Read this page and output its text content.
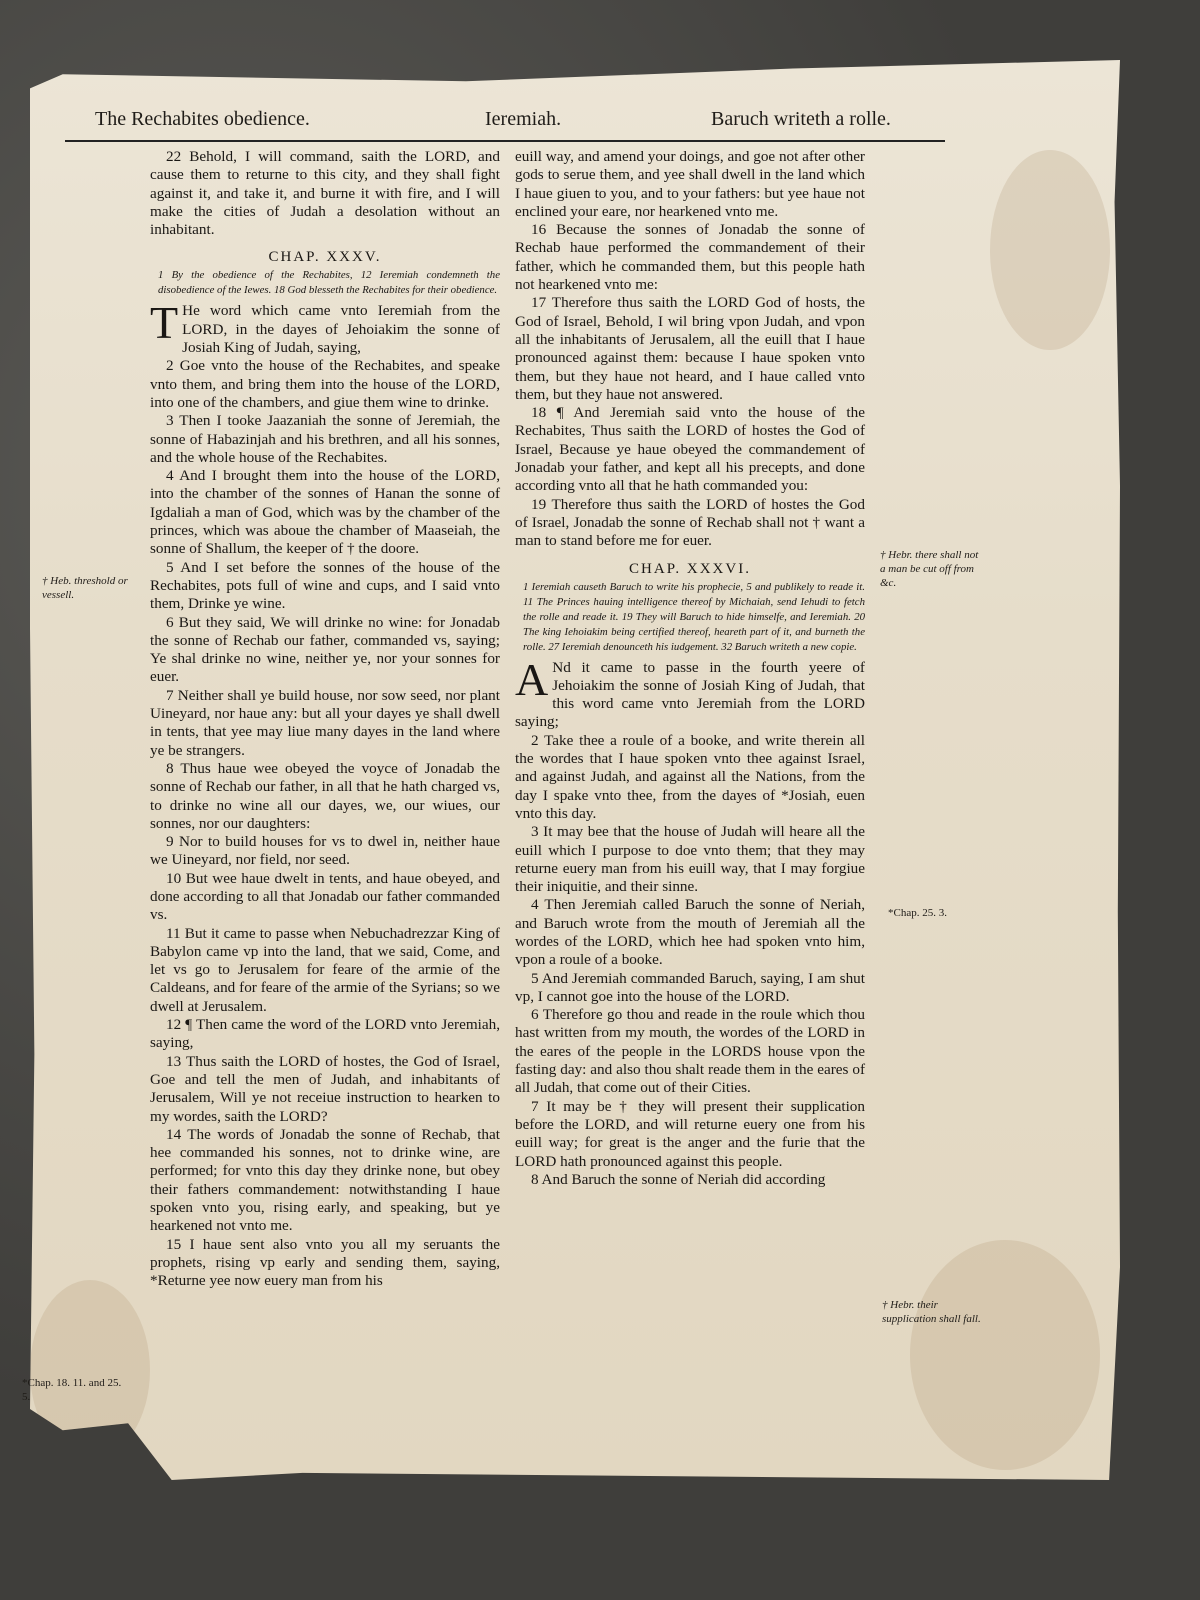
The Rechabites obedience.	Ieremiah.	Baruch writeth a rolle.

22 Behold, I will command, saith the LORD, and cause them to returne to this city, and they shall fight against it, and take it, and burne it with fire, and I will make the cities of Judah a desolation without an inhabitant.

CHAP. XXXV.

1 By the obedience of the Rechabites, 12 Ieremiah condemneth the disobedience of the Iewes. 18 God blesseth the Rechabites for their obedience.

T He word which came vnto Ieremiah from the LORD, in the dayes of Jehoiakim the sonne of Josiah King of Judah, saying,

2 Goe vnto the house of the Rechabites, and speake vnto them, and bring them into the house of the LORD, into one of the chambers, and giue them wine to drinke.

3 Then I tooke Jaazaniah the sonne of Jeremiah, the sonne of Habazinjah and his brethren, and all his sonnes, and the whole house of the Rechabites.

4 And I brought them into the house of the LORD, into the chamber of the sonnes of Hanan the sonne of Igdaliah a man of God, which was by the chamber of the princes, which was aboue the chamber of Maaseiah, the sonne of Shallum, the keeper of † the doore.

5 And I set before the sonnes of the house of the Rechabites, pots full of wine and cups, and I said vnto them, Drinke ye wine.

6 But they said, We will drinke no wine: for Jonadab the sonne of Rechab our father, commanded vs, saying; Ye shal drinke no wine, neither ye, nor your sonnes for euer.

7 Neither shall ye build house, nor sow seed, nor plant Uineyard, nor haue any: but all your dayes ye shall dwell in tents, that yee may liue many dayes in the land where ye be strangers.

8 Thus haue wee obeyed the voyce of Jonadab the sonne of Rechab our father, in all that he hath charged vs, to drinke no wine all our dayes, we, our wiues, our sonnes, nor our daughters:

9 Nor to build houses for vs to dwel in, neither haue we Uineyard, nor field, nor seed.

10 But wee haue dwelt in tents, and haue obeyed, and done according to all that Jonadab our father commanded vs.

11 But it came to passe when Nebuchadrezzar King of Babylon came vp into the land, that we said, Come, and let vs go to Jerusalem for feare of the armie of the Caldeans, and for feare of the armie of the Syrians; so we dwell at Jerusalem.

12 ¶ Then came the word of the LORD vnto Jeremiah, saying,

13 Thus saith the LORD of hostes, the God of Israel, Goe and tell the men of Judah, and inhabitants of Jerusalem, Will ye not receiue instruction to hearken to my wordes, saith the LORD?

14 The words of Jonadab the sonne of Rechab, that hee commanded his sonnes, not to drinke wine, are performed; for vnto this day they drinke none, but obey their fathers commandement: notwithstanding I haue spoken vnto you, rising early, and speaking, but ye hearkened not vnto me.

15 I haue sent also vnto you all my seruants the prophets, rising vp early and sending them, saying, *Returne yee now euery man from his

euill way, and amend your doings, and goe not after other gods to serue them, and yee shall dwell in the land which I haue giuen to you, and to your fathers: but yee haue not enclined your eare, nor hearkened vnto me.

16 Because the sonnes of Jonadab the sonne of Rechab haue performed the commandement of their father, which he commanded them, but this people hath not hearkened vnto me:

17 Therefore thus saith the LORD God of hosts, the God of Israel, Behold, I wil bring vpon Judah, and vpon all the inhabitants of Jerusalem, all the euill that I haue pronounced against them: because I haue spoken vnto them, but they haue not heard, and I haue called vnto them, but they haue not answered.

18 ¶ And Jeremiah said vnto the house of the Rechabites, Thus saith the LORD of hostes the God of Israel, Because ye haue obeyed the commandement of Jonadab your father, and kept all his precepts, and done according vnto all that he hath commanded you:

19 Therefore thus saith the LORD of hostes the God of Israel, Jonadab the sonne of Rechab shall not † want a man to stand before me for euer.

CHAP. XXXVI.

1 Ieremiah causeth Baruch to write his prophecie, 5 and publikely to reade it. 11 The Princes hauing intelligence thereof by Michaiah, send Iehudi to fetch the rolle and reade it. 19 They will Baruch to hide himselfe, and Ieremiah. 20 The king Iehoiakim being certified thereof, heareth part of it, and burneth the rolle. 27 Ieremiah denounceth his iudgement. 32 Baruch writeth a new copie.

A Nd it came to passe in the fourth yeere of Jehoiakim the sonne of Josiah King of Judah, that this word came vnto Jeremiah from the LORD saying;

2 Take thee a roule of a booke, and write therein all the wordes that I haue spoken vnto thee against Israel, and against Judah, and against all the Nations, from the day I spake vnto thee, from the dayes of *Josiah, euen vnto this day.

3 It may bee that the house of Judah will heare all the euill which I purpose to doe vnto them; that they may returne euery man from his euill way, that I may forgiue their iniquitie, and their sinne.

4 Then Jeremiah called Baruch the sonne of Neriah, and Baruch wrote from the mouth of Jeremiah all the wordes of the LORD, which hee had spoken vnto him, vpon a roule of a booke.

5 And Jeremiah commanded Baruch, saying, I am shut vp, I cannot goe into the house of the LORD.

6 Therefore go thou and reade in the roule which thou hast written from my mouth, the wordes of the LORD in the eares of the people in the LORDS house vpon the fasting day: and also thou shalt reade them in the eares of all Judah, that come out of their Cities.

7 It may be † they will present their supplication before the LORD, and will returne euery one from his euill way; for great is the anger and the furie that the LORD hath pronounced against this people.

8 And Baruch the sonne of Neriah did according

† Heb. threshold or vessell.
† Hebr. there shall not a man be cut off from &c.
*Chap. 25. 3.
† Hebr. their supplication shall fall.
*Chap. 18. 11. and 25. 5.
